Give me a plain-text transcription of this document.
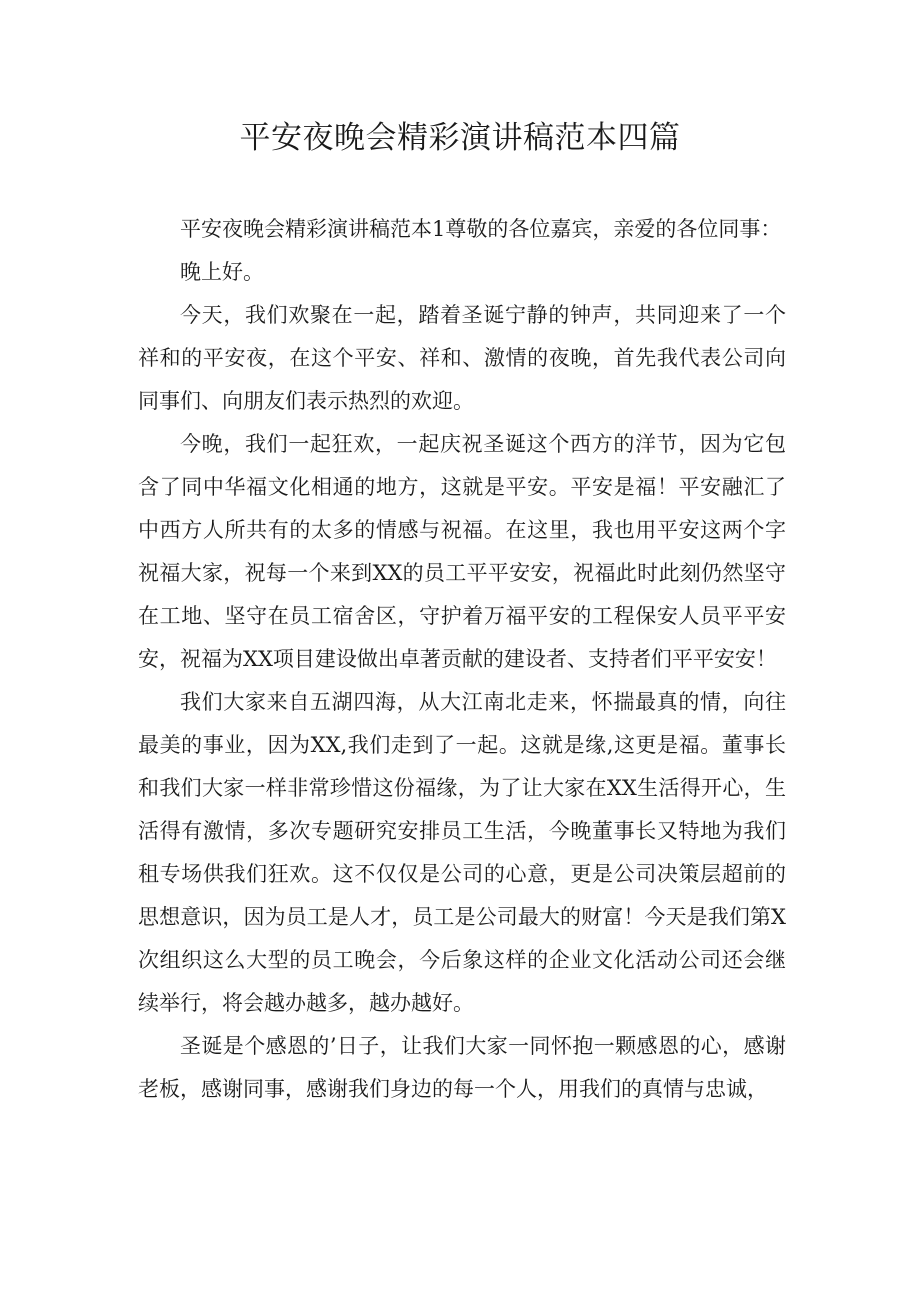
平安夜晚会精彩演讲稿范本四篇

平安夜晚会精彩演讲稿范本1尊敬的各位嘉宾，亲爱的各位同事：

晚上好。

今天，我们欢聚在一起，踏着圣诞宁静的钟声，共同迎来了一个祥和的平安夜，在这个平安、祥和、激情的夜晚，首先我代表公司向同事们、向朋友们表示热烈的欢迎。

今晚，我们一起狂欢，一起庆祝圣诞这个西方的洋节，因为它包含了同中华福文化相通的地方，这就是平安。平安是福！平安融汇了中西方人所共有的太多的情感与祝福。在这里，我也用平安这两个字祝福大家，祝每一个来到XX的员工平平安安，祝福此时此刻仍然坚守在工地、坚守在员工宿舍区，守护着万福平安的工程保安人员平平安安，祝福为XX项目建设做出卓著贡献的建设者、支持者们平平安安！

我们大家来自五湖四海，从大江南北走来，怀揣最真的情，向往最美的事业，因为XX,我们走到了一起。这就是缘,这更是福。董事长和我们大家一样非常珍惜这份福缘，为了让大家在XX生活得开心，生活得有激情，多次专题研究安排员工生活，今晚董事长又特地为我们租专场供我们狂欢。这不仅仅是公司的心意，更是公司决策层超前的思想意识，因为员工是人才，员工是公司最大的财富！今天是我们第X次组织这么大型的员工晚会，今后象这样的企业文化活动公司还会继续举行，将会越办越多，越办越好。

圣诞是个感恩的’日子，让我们大家一同怀抱一颗感恩的心，感谢老板，感谢同事，感谢我们身边的每一个人，用我们的真情与忠诚，
